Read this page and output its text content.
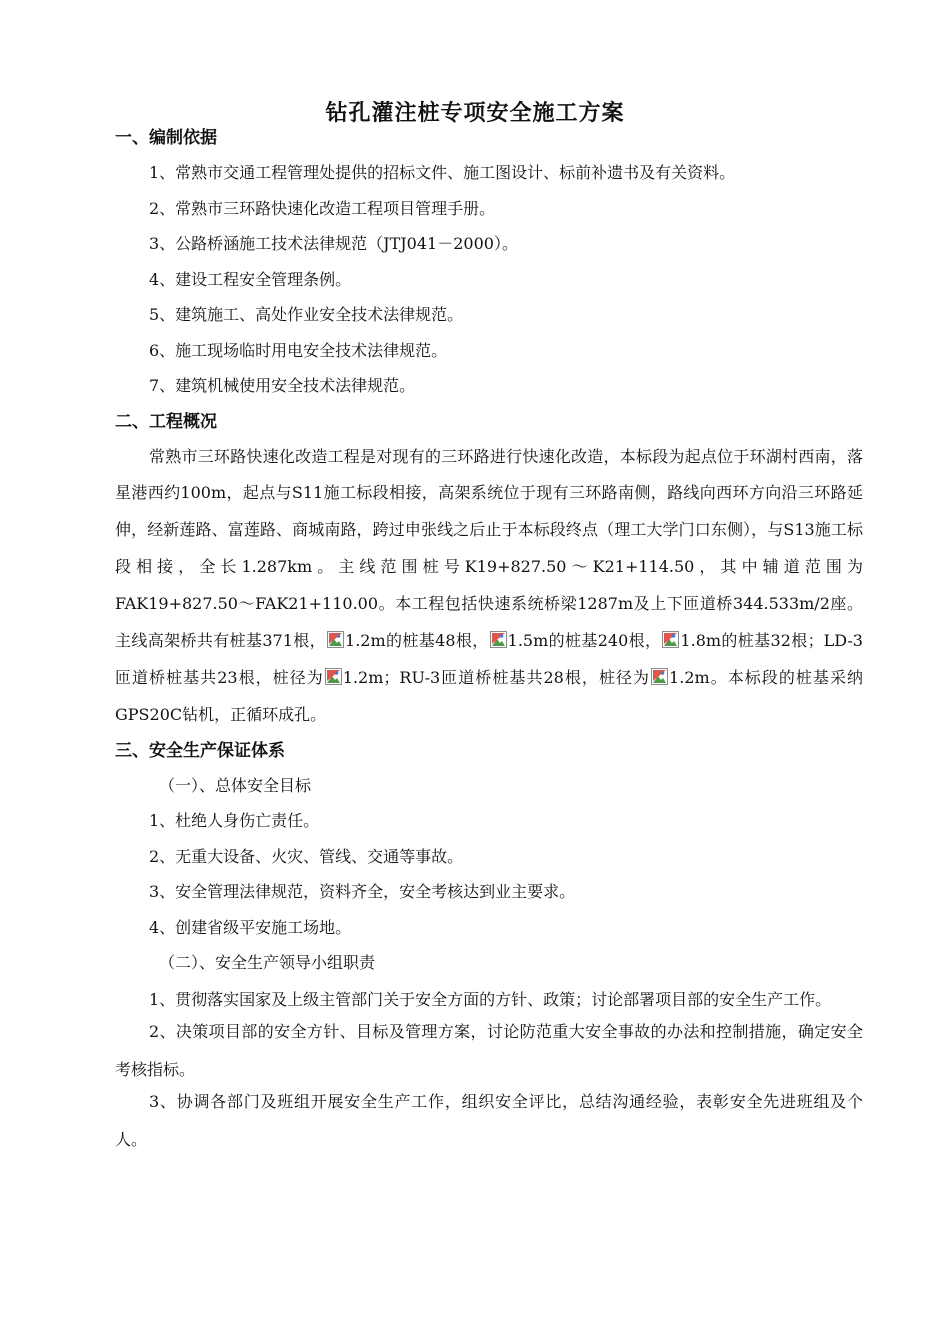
钻孔灌注桩专项安全施工方案
一、编制依据
1、常熟市交通工程管理处提供的招标文件、施工图设计、标前补遗书及有关资料。
2、常熟市三环路快速化改造工程项目管理手册。
3、公路桥涵施工技术法律规范（JTJ041－2000）。
4、建设工程安全管理条例。
5、建筑施工、高处作业安全技术法律规范。
6、施工现场临时用电安全技术法律规范。
7、建筑机械使用安全技术法律规范。
二、工程概况

常熟市三环路快速化改造工程是对现有的三环路进行快速化改造，本标段为起点位于环湖村西南，落星港西约100m，起点与S11施工标段相接，高架系统位于现有三环路南侧，路线向西环方向沿三环路延伸，经新莲路、富莲路、商城南路，跨过申张线之后止于本标段终点（理工大学门口东侧），与S13施工标段相接，全长1.287km。主线范围桩号K19+827.50～K21+114.50，其中辅道范围为FAK19+827.50～FAK21+110.00。本工程包括快速系统桥梁1287m及上下匝道桥344.533m/2座。主线高架桥共有桩基371根， 1.2m的桩基48根， 1.5m的桩基240根， 1.8m的桩基32根；LD-3匝道桥桩基共23根，桩径为 1.2m；RU-3匝道桥桩基共28根，桩径为 1.2m。本标段的桩基采纳GPS20C钻机，正循环成孔。

三、安全生产保证体系
（一）、总体安全目标
1、杜绝人身伤亡责任。
2、无重大设备、火灾、管线、交通等事故。
3、安全管理法律规范，资料齐全，安全考核达到业主要求。
4、创建省级平安施工场地。
（二）、安全生产领导小组职责

1、贯彻落实国家及上级主管部门关于安全方面的方针、政策；讨论部署项目部的安全生产工作。

2、决策项目部的安全方针、目标及管理方案，讨论防范重大安全事故的办法和控制措施，确定安全考核指标。

3、协调各部门及班组开展安全生产工作，组织安全评比，总结沟通经验，表彰安全先进班组及个人。
